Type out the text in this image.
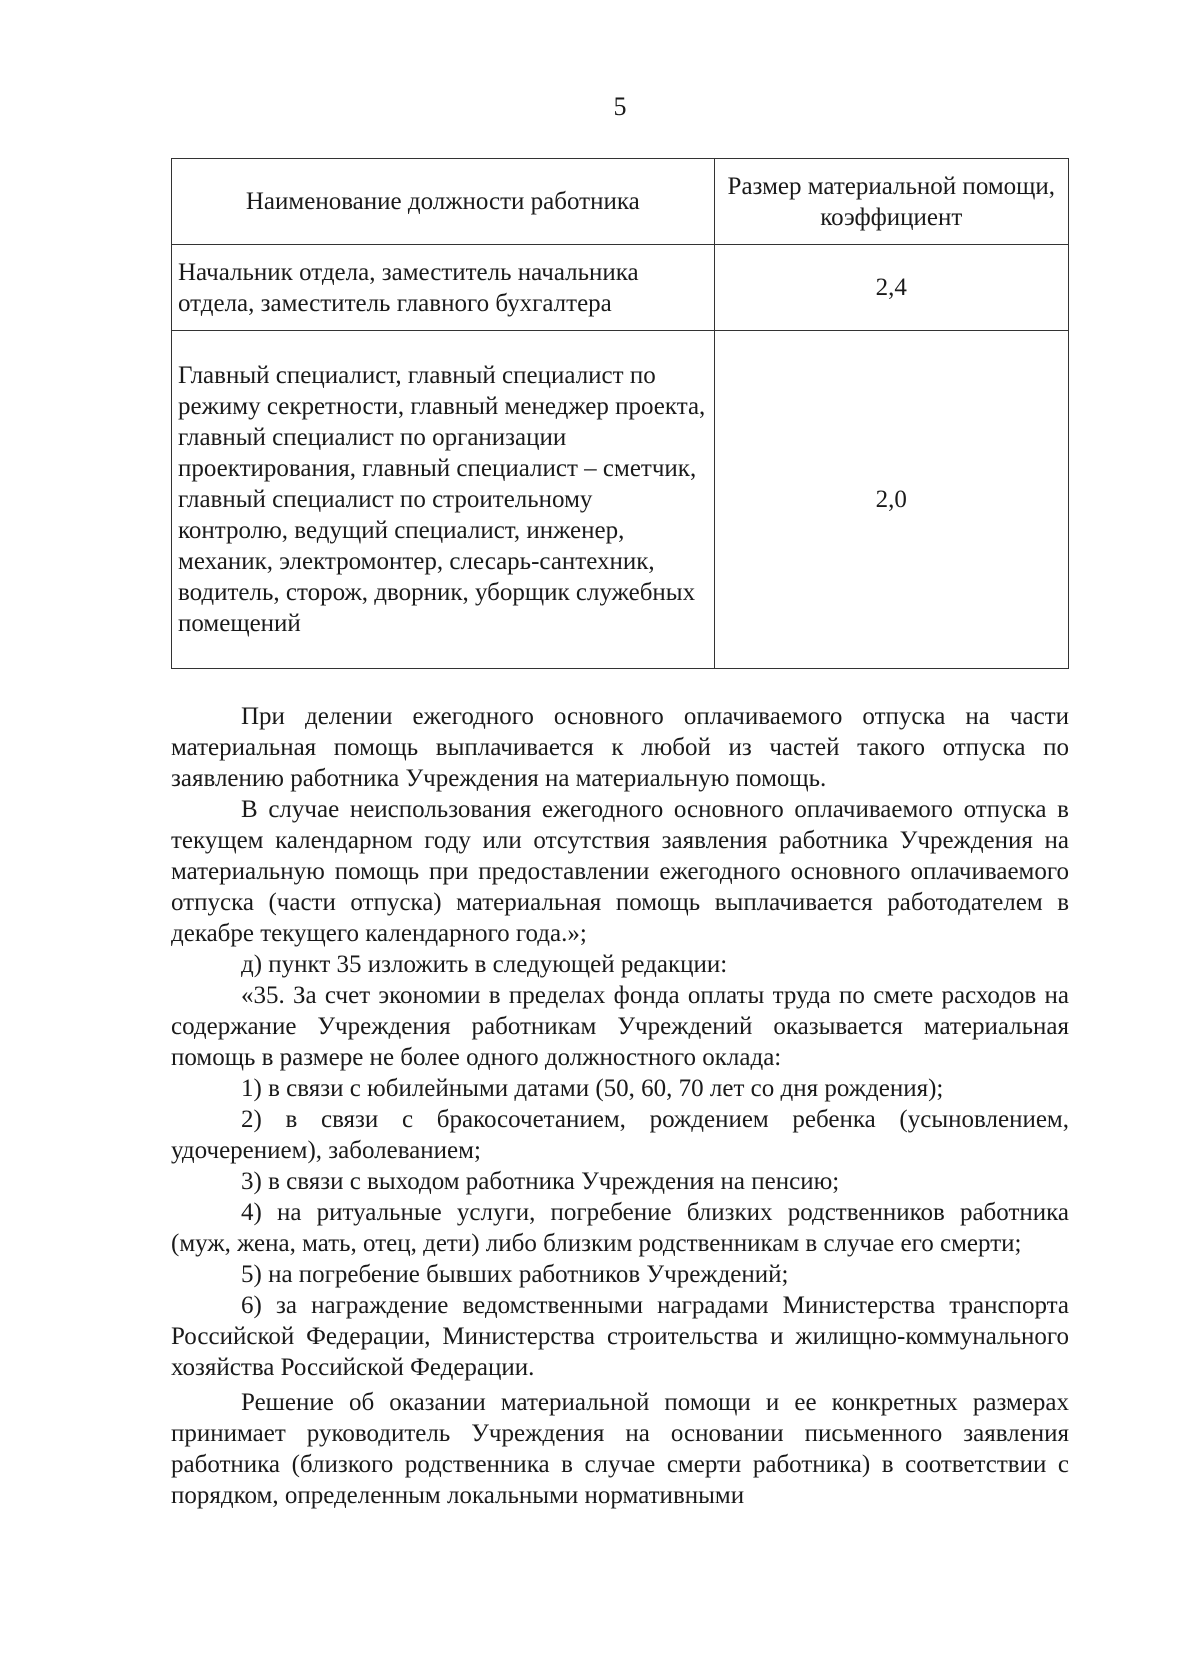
5
Наименование должности работника	Размер материальной помощи, коэффициент
Начальник отдела, заместитель начальника отдела, заместитель главного бухгалтера	2,4
Главный специалист, главный специалист по режиму секретности, главный менеджер проекта, главный специалист по организации проектирования, главный специалист – сметчик, главный специалист по строительному контролю, ведущий специалист, инженер, механик, электромонтер, слесарь-сантехник, водитель, сторож, дворник, уборщик служебных помещений	2,0

При делении ежегодного основного оплачиваемого отпуска на части материальная помощь выплачивается к любой из частей такого отпуска по заявлению работника Учреждения на материальную помощь.

В случае неиспользования ежегодного основного оплачиваемого отпуска в текущем календарном году или отсутствия заявления работника Учреждения на материальную помощь при предоставлении ежегодного основного оплачиваемого отпуска (части отпуска) материальная помощь выплачивается работодателем в декабре текущего календарного года.»;

д) пункт 35 изложить в следующей редакции:

«35. За счет экономии в пределах фонда оплаты труда по смете расходов на содержание Учреждения работникам Учреждений оказывается материальная помощь в размере не более одного должностного оклада:

1) в связи с юбилейными датами (50, 60, 70 лет со дня рождения);

2) в связи с бракосочетанием, рождением ребенка (усыновлением, удочерением), заболеванием;

3) в связи с выходом работника Учреждения на пенсию;

4) на ритуальные услуги, погребение близких родственников работника (муж, жена, мать, отец, дети) либо близким родственникам в случае его смерти;

5) на погребение бывших работников Учреждений;

6) за награждение ведомственными наградами Министерства транспорта Российской Федерации, Министерства строительства и жилищно-коммунального хозяйства Российской Федерации.

Решение об оказании материальной помощи и ее конкретных размерах принимает руководитель Учреждения на основании письменного заявления работника (близкого родственника в случае смерти работника) в соответствии с порядком, определенным локальными нормативными
